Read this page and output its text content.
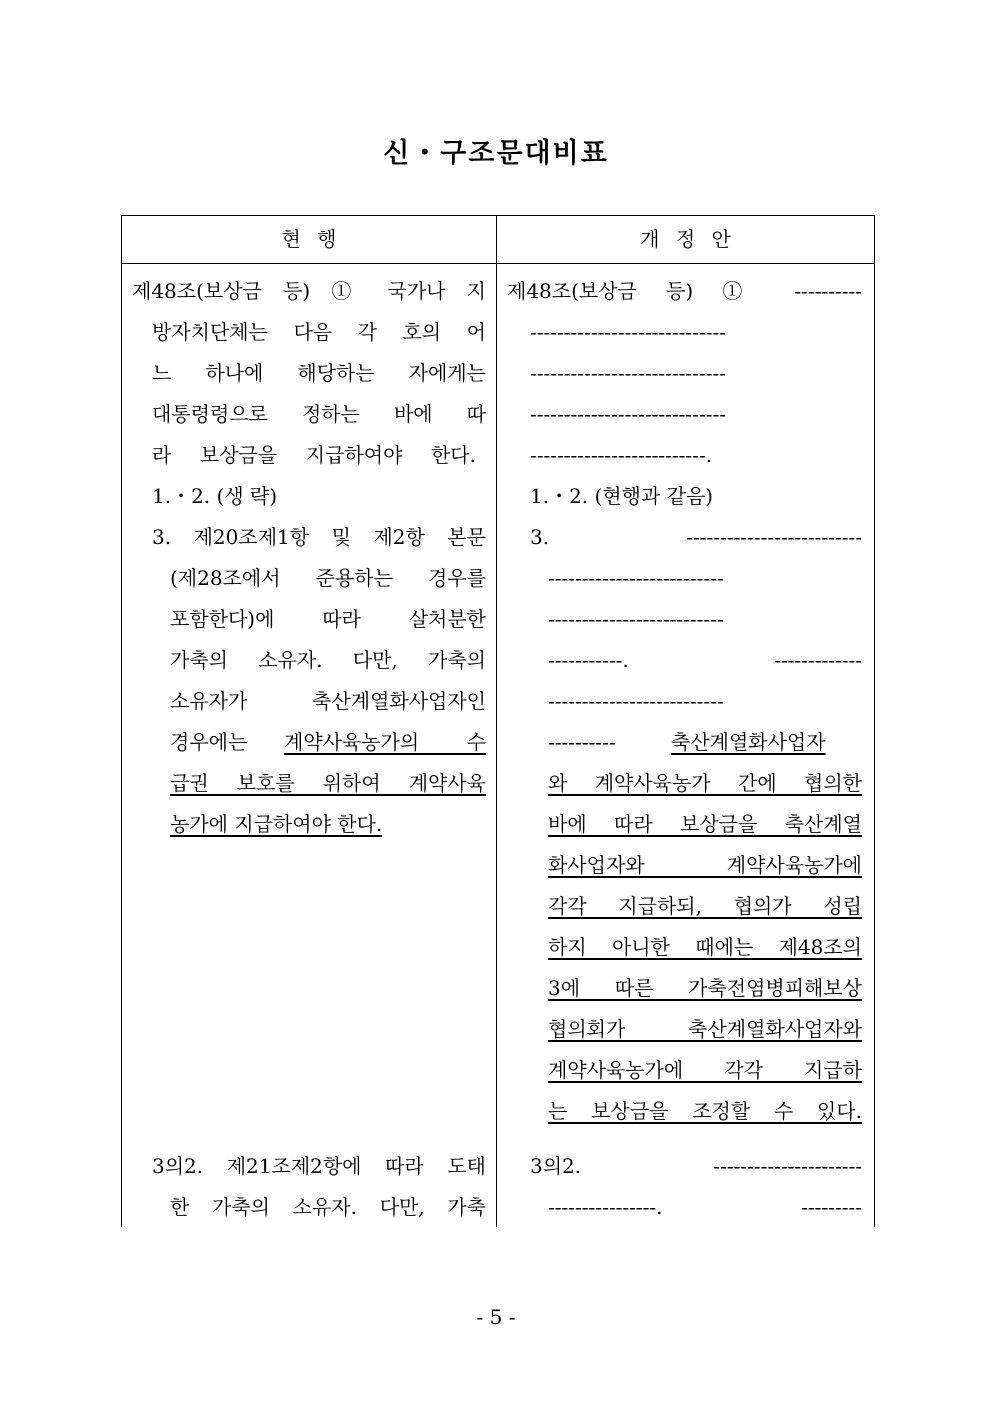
신・구조문대비표
현 행	개 정 안
제48조(보상금 등) ① 국가나 지
방자치단체는 다음 각 호의 어
느 하나에 해당하는 자에게는
대통령령으로 정하는 바에 따
라 보상금을 지급하여야 한다.
1.・2. (생 략)
3. 제20조제1항 및 제2항 본문
(제28조에서 준용하는 경우를
포함한다)에 따라 살처분한
가축의 소유자. 다만, 가축의
소유자가 축산계열화사업자인
경우에는 계약사육농가의 수
급권 보호를 위하여 계약사육
농가에 지급하여야 한다.
3의2. 제21조제2항에 따라 도태
한 가축의 소유자. 다만, 가축
제48조(보상금 등) ① ----------
-----------------------------
-----------------------------
-----------------------------
--------------------------.
1.・2. (현행과 같음)
3. --------------------------
--------------------------
--------------------------
-----------. -------------
--------------------------
----------	축산계열화사업자
와 계약사육농가 간에 협의한
바에 따라 보상금을 축산계열
화사업자와 계약사육농가에
각각 지급하되, 협의가 성립
하지 아니한 때에는 제48조의
3에 따른 가축전염병피해보상
협의회가 축산계열화사업자와
계약사육농가에 각각 지급하
는 보상금을 조정할 수 있다.
3의2. ----------------------
----------------. ---------
- 5 -
